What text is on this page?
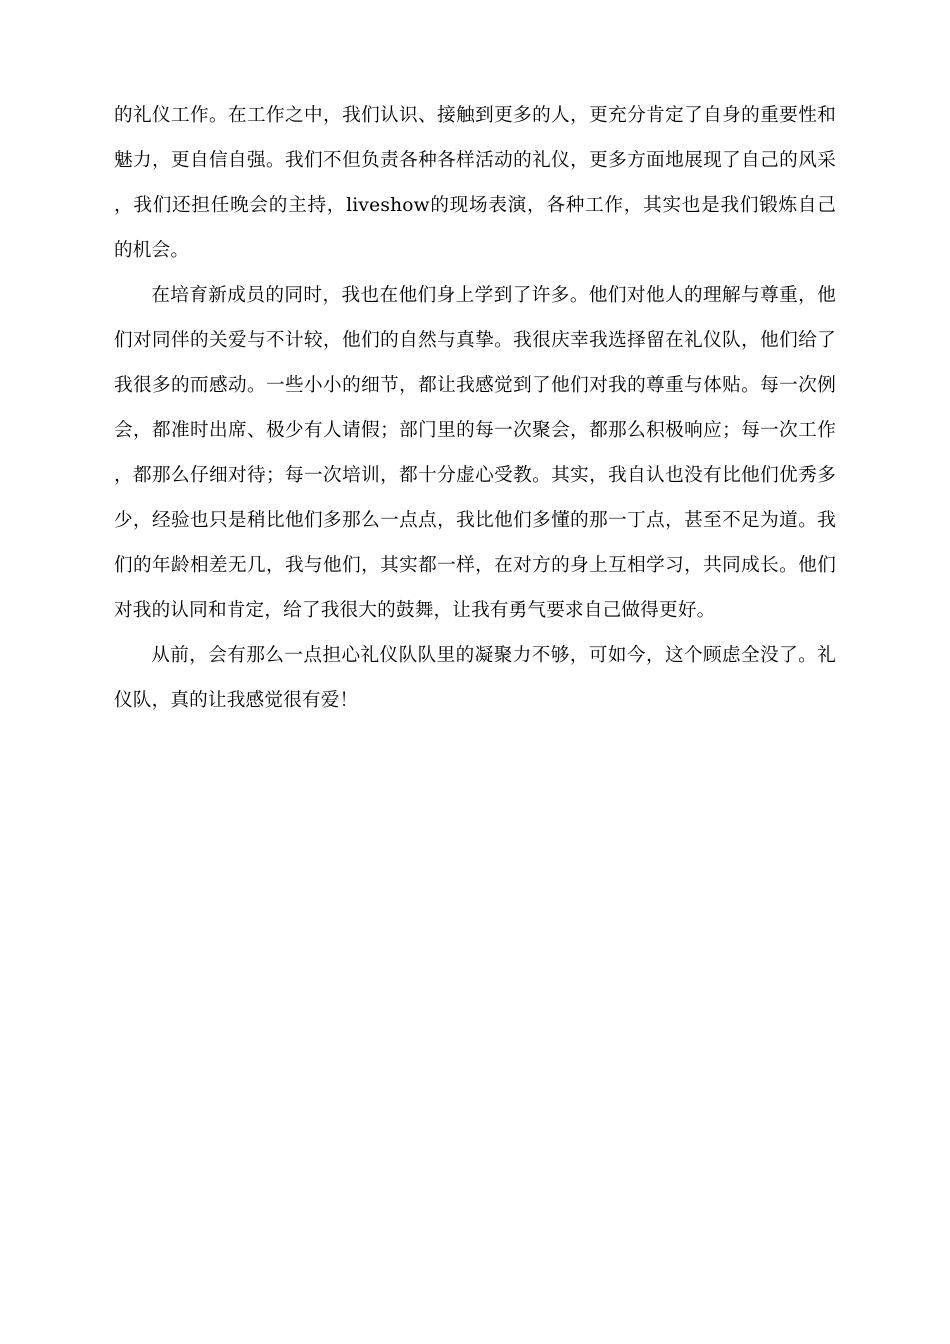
的礼仪工作。在工作之中，我们认识、接触到更多的人，更充分肯定了自身的重要性和魅力，更自信自强。我们不但负责各种各样活动的礼仪，更多方面地展现了自己的风采，我们还担任晚会的主持，liveshow的现场表演，各种工作，其实也是我们锻炼自己的机会。

在培育新成员的同时，我也在他们身上学到了许多。他们对他人的理解与尊重，他们对同伴的关爱与不计较，他们的自然与真挚。我很庆幸我选择留在礼仪队，他们给了我很多的而感动。一些小小的细节，都让我感觉到了他们对我的尊重与体贴。每一次例会，都准时出席、极少有人请假；部门里的每一次聚会，都那么积极响应；每一次工作，都那么仔细对待；每一次培训，都十分虚心受教。其实，我自认也没有比他们优秀多少，经验也只是稍比他们多那么一点点，我比他们多懂的那一丁点，甚至不足为道。我们的年龄相差无几，我与他们，其实都一样，在对方的身上互相学习，共同成长。他们对我的认同和肯定，给了我很大的鼓舞，让我有勇气要求自己做得更好。

从前，会有那么一点担心礼仪队队里的凝聚力不够，可如今，这个顾虑全没了。礼仪队，真的让我感觉很有爱！
